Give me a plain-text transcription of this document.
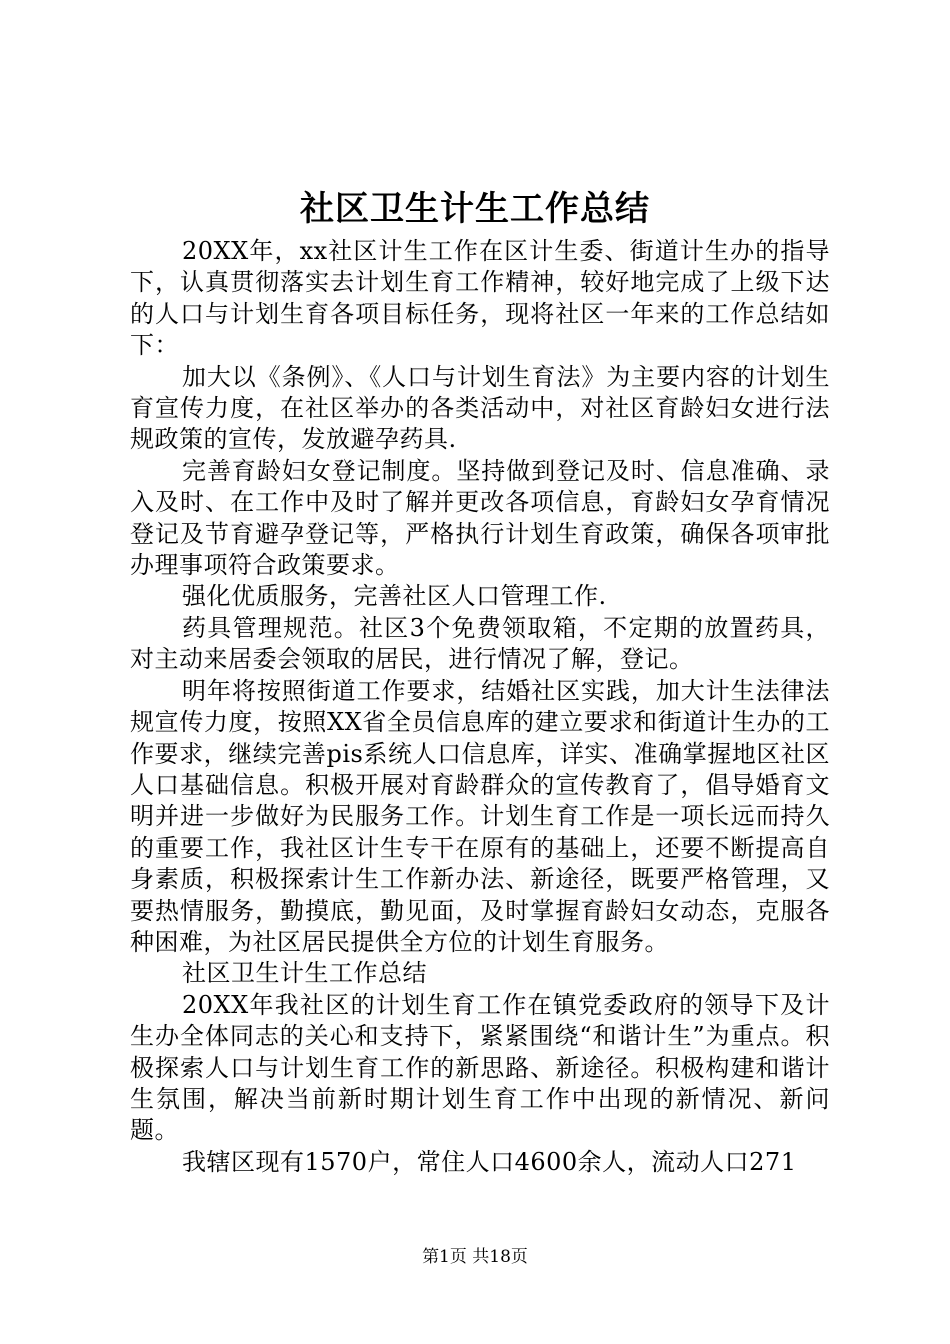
社区卫生计生工作总结

20XX年，xx社区计生工作在区计生委、街道计生办的指导下，认真贯彻落实去计划生育工作精神，较好地完成了上级下达的人口与计划生育各项目标任务，现将社区一年来的工作总结如下：

加大以《条例》、《人口与计划生育法》为主要内容的计划生育宣传力度，在社区举办的各类活动中，对社区育龄妇女进行法规政策的宣传，发放避孕药具.

完善育龄妇女登记制度。坚持做到登记及时、信息准确、录入及时、在工作中及时了解并更改各项信息，育龄妇女孕育情况登记及节育避孕登记等，严格执行计划生育政策，确保各项审批办理事项符合政策要求。

强化优质服务，完善社区人口管理工作.

药具管理规范。社区3个免费领取箱，不定期的放置药具，对主动来居委会领取的居民，进行情况了解，登记。

明年将按照街道工作要求，结婚社区实践，加大计生法律法规宣传力度，按照XX省全员信息库的建立要求和街道计生办的工作要求，继续完善pis系统人口信息库，详实、准确掌握地区社区人口基础信息。积极开展对育龄群众的宣传教育了，倡导婚育文明并进一步做好为民服务工作。计划生育工作是一项长远而持久的重要工作，我社区计生专干在原有的基础上，还要不断提高自身素质，积极探索计生工作新办法、新途径，既要严格管理，又要热情服务，勤摸底，勤见面，及时掌握育龄妇女动态，克服各种困难，为社区居民提供全方位的计划生育服务。

社区卫生计生工作总结

20XX年我社区的计划生育工作在镇党委政府的领导下及计生办全体同志的关心和支持下，紧紧围绕“和谐计生”为重点。积极探索人口与计划生育工作的新思路、新途径。积极构建和谐计生氛围，解决当前新时期计划生育工作中出现的新情况、新问题。

我辖区现有1570户，常住人口4600余人，流动人口271

第1页 共18页
